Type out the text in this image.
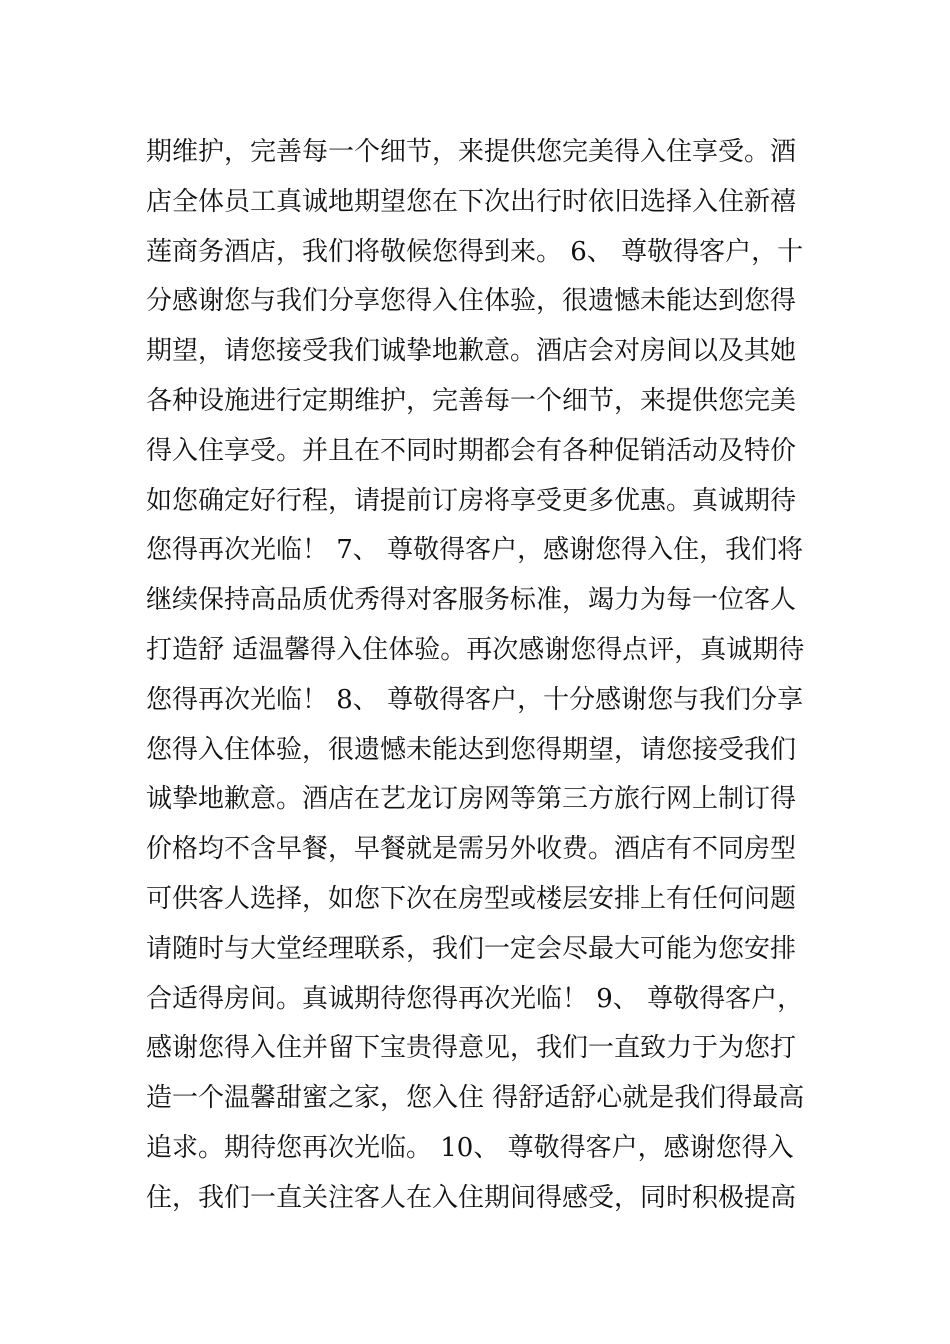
期维护，完善每一个细节，来提供您完美得入住享受。酒
店全体员工真诚地期望您在下次出行时依旧选择入住新禧
莲商务酒店，我们将敬候您得到来。 6、 尊敬得客户，十
分感谢您与我们分享您得入住体验，很遗憾未能达到您得
期望，请您接受我们诚挚地歉意。酒店会对房间以及其她
各种设施进行定期维护，完善每一个细节，来提供您完美
得入住享受。并且在不同时期都会有各种促销活动及特价
如您确定好行程，请提前订房将享受更多优惠。真诚期待
您得再次光临！ 7、 尊敬得客户，感谢您得入住，我们将
继续保持高品质优秀得对客服务标准，竭力为每一位客人
打造舒 适温馨得入住体验。再次感谢您得点评，真诚期待
您得再次光临！ 8、 尊敬得客户，十分感谢您与我们分享
您得入住体验，很遗憾未能达到您得期望，请您接受我们
诚挚地歉意。酒店在艺龙订房网等第三方旅行网上制订得
价格均不含早餐，早餐就是需另外收费。酒店有不同房型
可供客人选择，如您下次在房型或楼层安排上有任何问题
请随时与大堂经理联系，我们一定会尽最大可能为您安排
合适得房间。真诚期待您得再次光临！ 9、 尊敬得客户，
感谢您得入住并留下宝贵得意见，我们一直致力于为您打
造一个温馨甜蜜之家，您入住 得舒适舒心就是我们得最高
追求。期待您再次光临。 10、 尊敬得客户，感谢您得入
住，我们一直关注客人在入住期间得感受，同时积极提高
